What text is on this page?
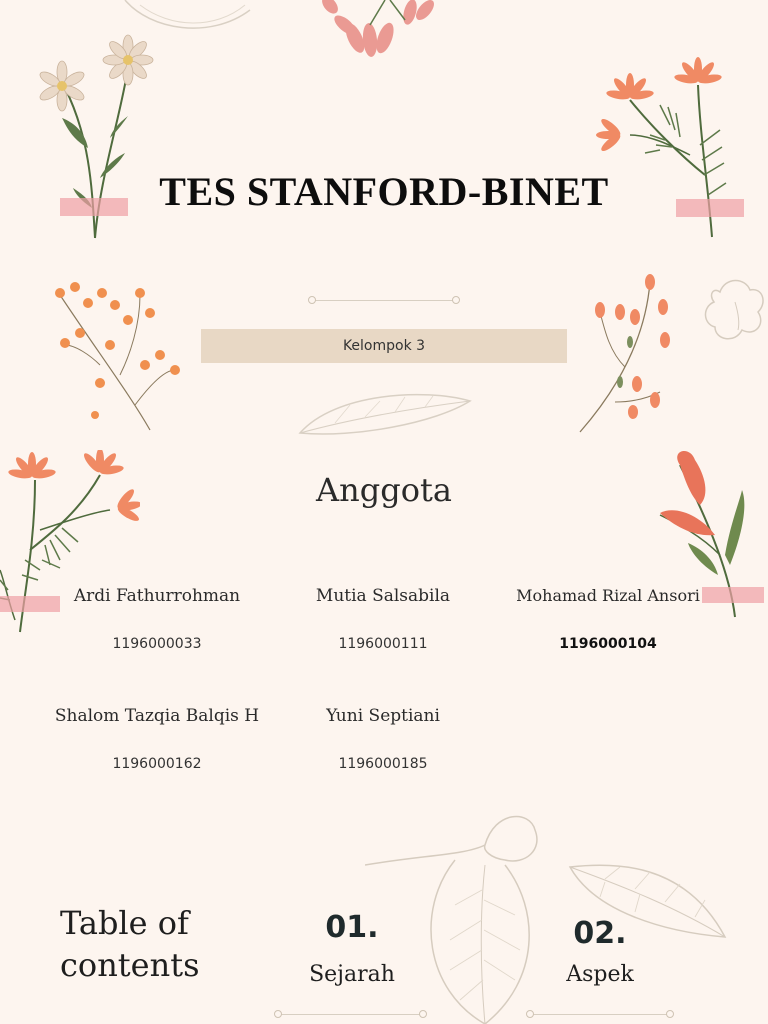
TES STANFORD-BINET
Kelompok 3
Anggota
Ardi Fathurrohman
1196000033
Mutia Salsabila
1196000111
Mohamad Rizal Ansori
1196000104
Shalom Tazqia Balqis H
1196000162
Yuni Septiani
1196000185
Table of
contents
01.
Sejarah
02.
Aspek
